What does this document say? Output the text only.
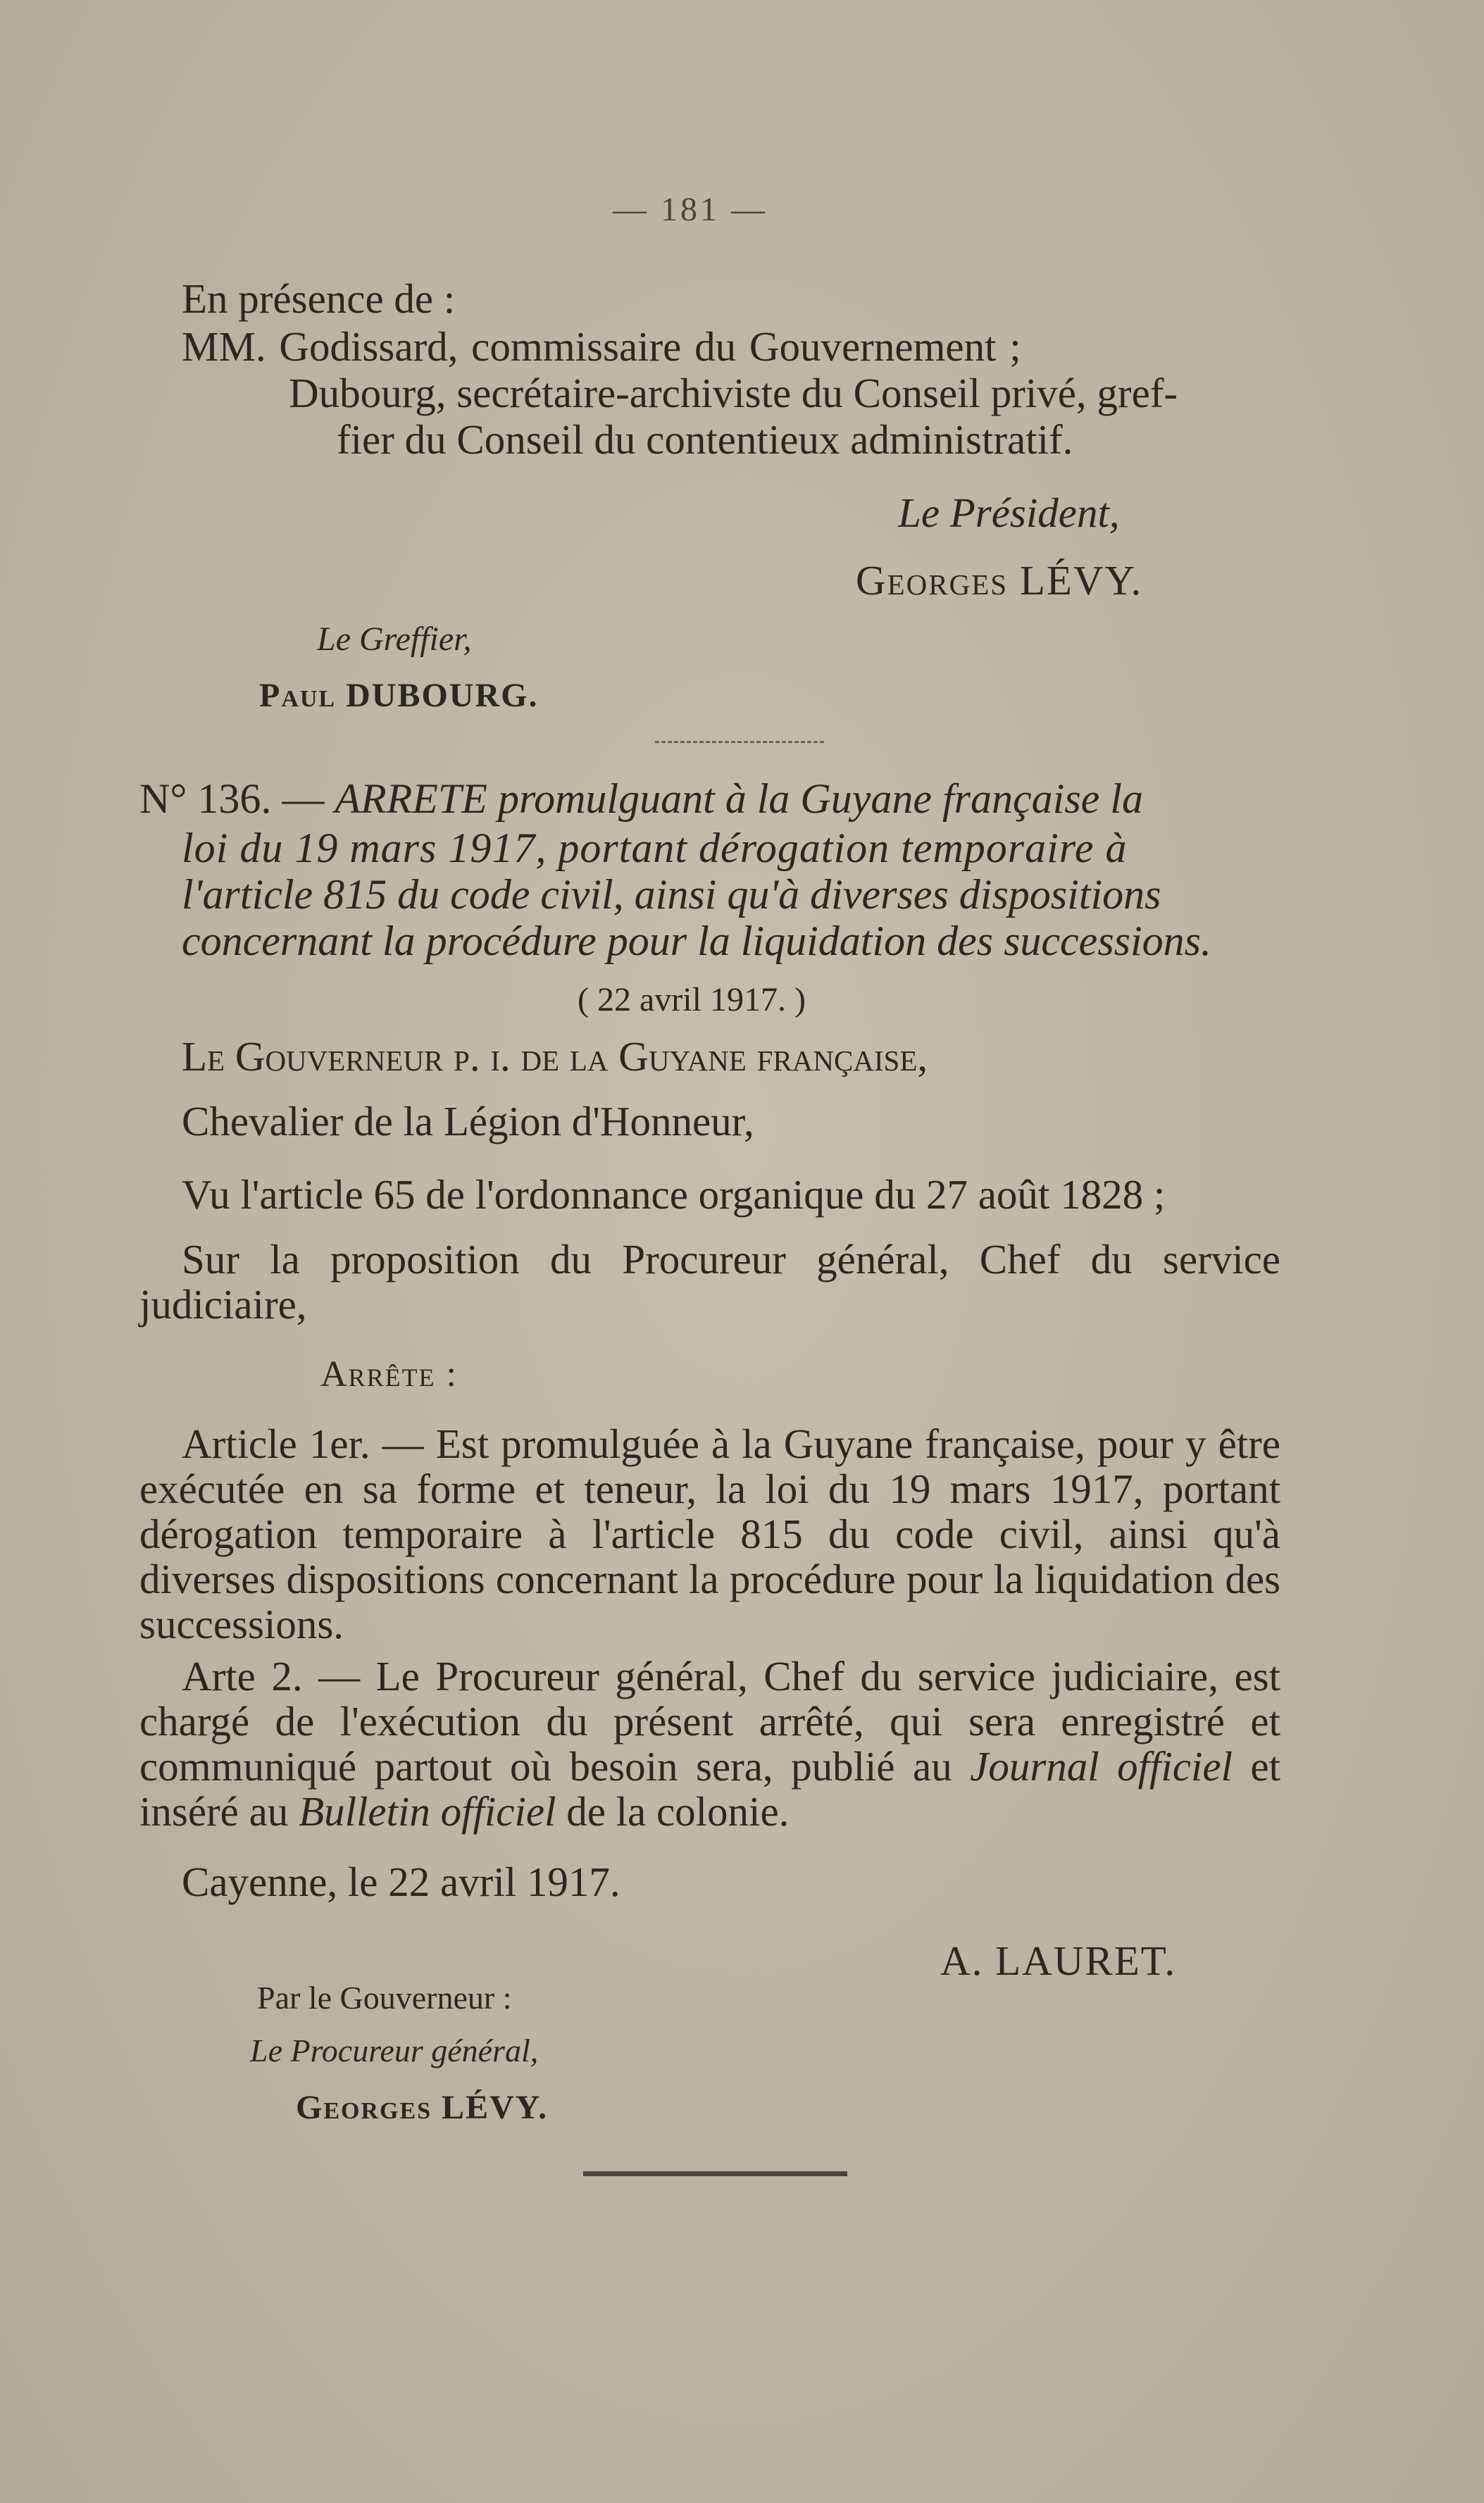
— 181 —
En présence de :
MM. Godissard, commissaire du Gouvernement ;
Dubourg, secrétaire-archiviste du Conseil privé, gref-
fier du Conseil du contentieux administratif.
Le Président,
Georges LÉVY.
Le Greffier,
Paul DUBOURG.
N° 136. — ARRETE promulguant à la Guyane française la
loi du 19 mars 1917, portant dérogation temporaire à
l'article 815 du code civil, ainsi qu'à diverses dispositions
concernant la procédure pour la liquidation des successions.
( 22 avril 1917. )
Le Gouverneur p. i. de la Guyane française,
Chevalier de la Légion d'Honneur,
Vu l'article 65 de l'ordonnance organique du 27 août 1828 ;
Sur la proposition du Procureur général, Chef du service judiciaire,
Arrête :
Article 1er. — Est promulguée à la Guyane française, pour y être exécutée en sa forme et teneur, la loi du 19 mars 1917, portant dérogation temporaire à l'article 815 du code civil, ainsi qu'à diverses dispositions concernant la procédure pour la liquidation des successions.
Arte 2. — Le Procureur général, Chef du service judiciaire, est chargé de l'exécution du présent arrêté, qui sera enregistré et communiqué partout où besoin sera, publié au Journal officiel et inséré au Bulletin officiel de la colonie.
Cayenne, le 22 avril 1917.
A. LAURET.
Par le Gouverneur :
Le Procureur général,
Georges LÉVY.
